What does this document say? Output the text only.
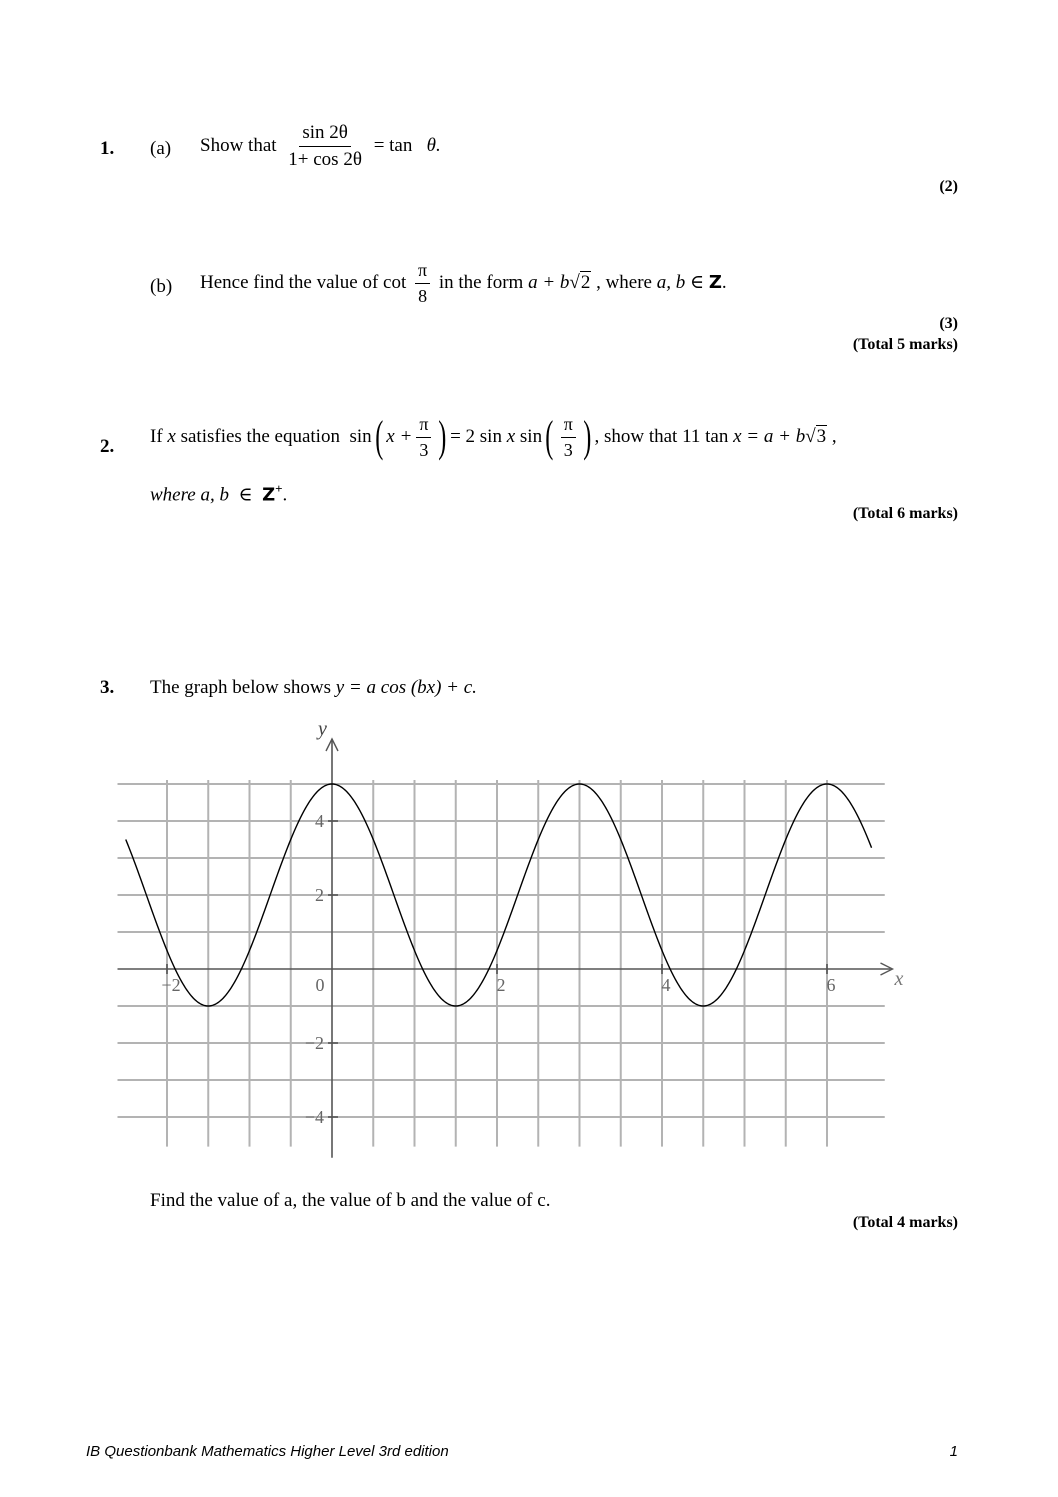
1. (a) Show that $\frac{\sin 2\theta}{1+ \cos 2\theta} = \tan \theta$.
(2)
(b) Hence find the value of $\cot \frac{\pi}{8}$ in the form a + b√2 , where a, b ∈ Z.
(3)
(Total 5 marks)
2. If x satisfies the equation sin( $x + \frac{\pi}{3}$ ) = 2 sin x $\sin( \frac{\pi}{3}$ ) , show that 11 tan x = a + b√3 ,
where a, b ∈ Z+.
(Total 6 marks)
3. The graph below shows y = a cos (bx) + c.
−2	0	2	4	6
4
2
−2
−4
x
y
Find the value of a, the value of b and the value of c.
(Total 4 marks)
IB Questionbank Mathematics Higher Level 3rd edition	1
